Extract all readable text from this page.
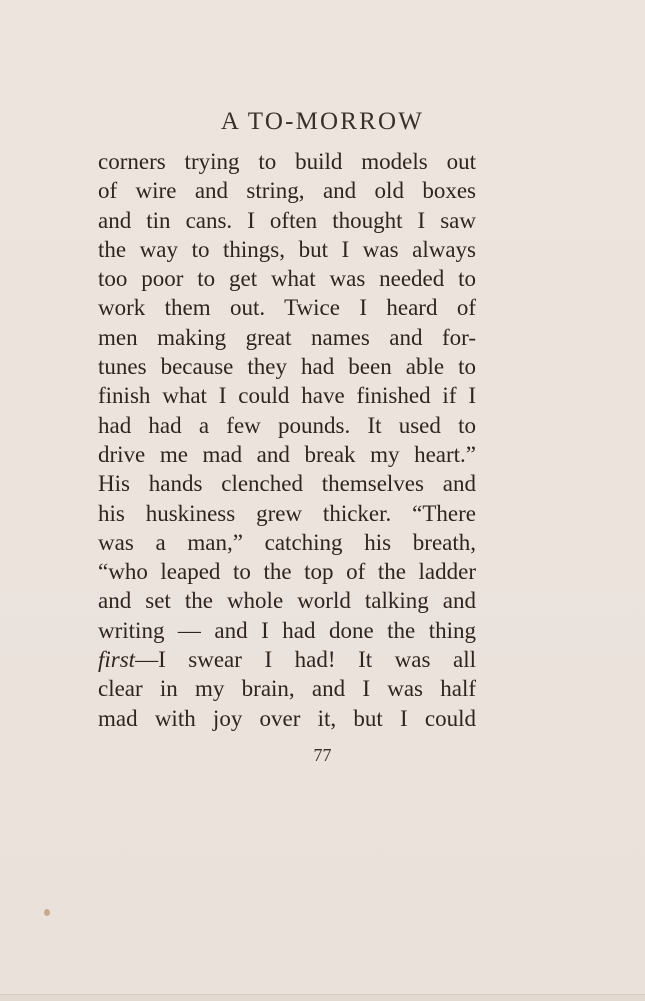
A TO-MORROW
corners trying to build models out
of wire and string, and old boxes
and tin cans. I often thought I saw
the way to things, but I was always
too poor to get what was needed to
work them out. Twice I heard of
men making great names and for-
tunes because they had been able to
finish what I could have finished if I
had had a few pounds. It used to
drive me mad and break my heart.”
His hands clenched themselves and
his huskiness grew thicker. “There
was a man,” catching his breath,
“who leaped to the top of the ladder
and set the whole world talking and
writing — and I had done the thing
first—I swear I had! It was all
clear in my brain, and I was half
mad with joy over it, but I could
77
